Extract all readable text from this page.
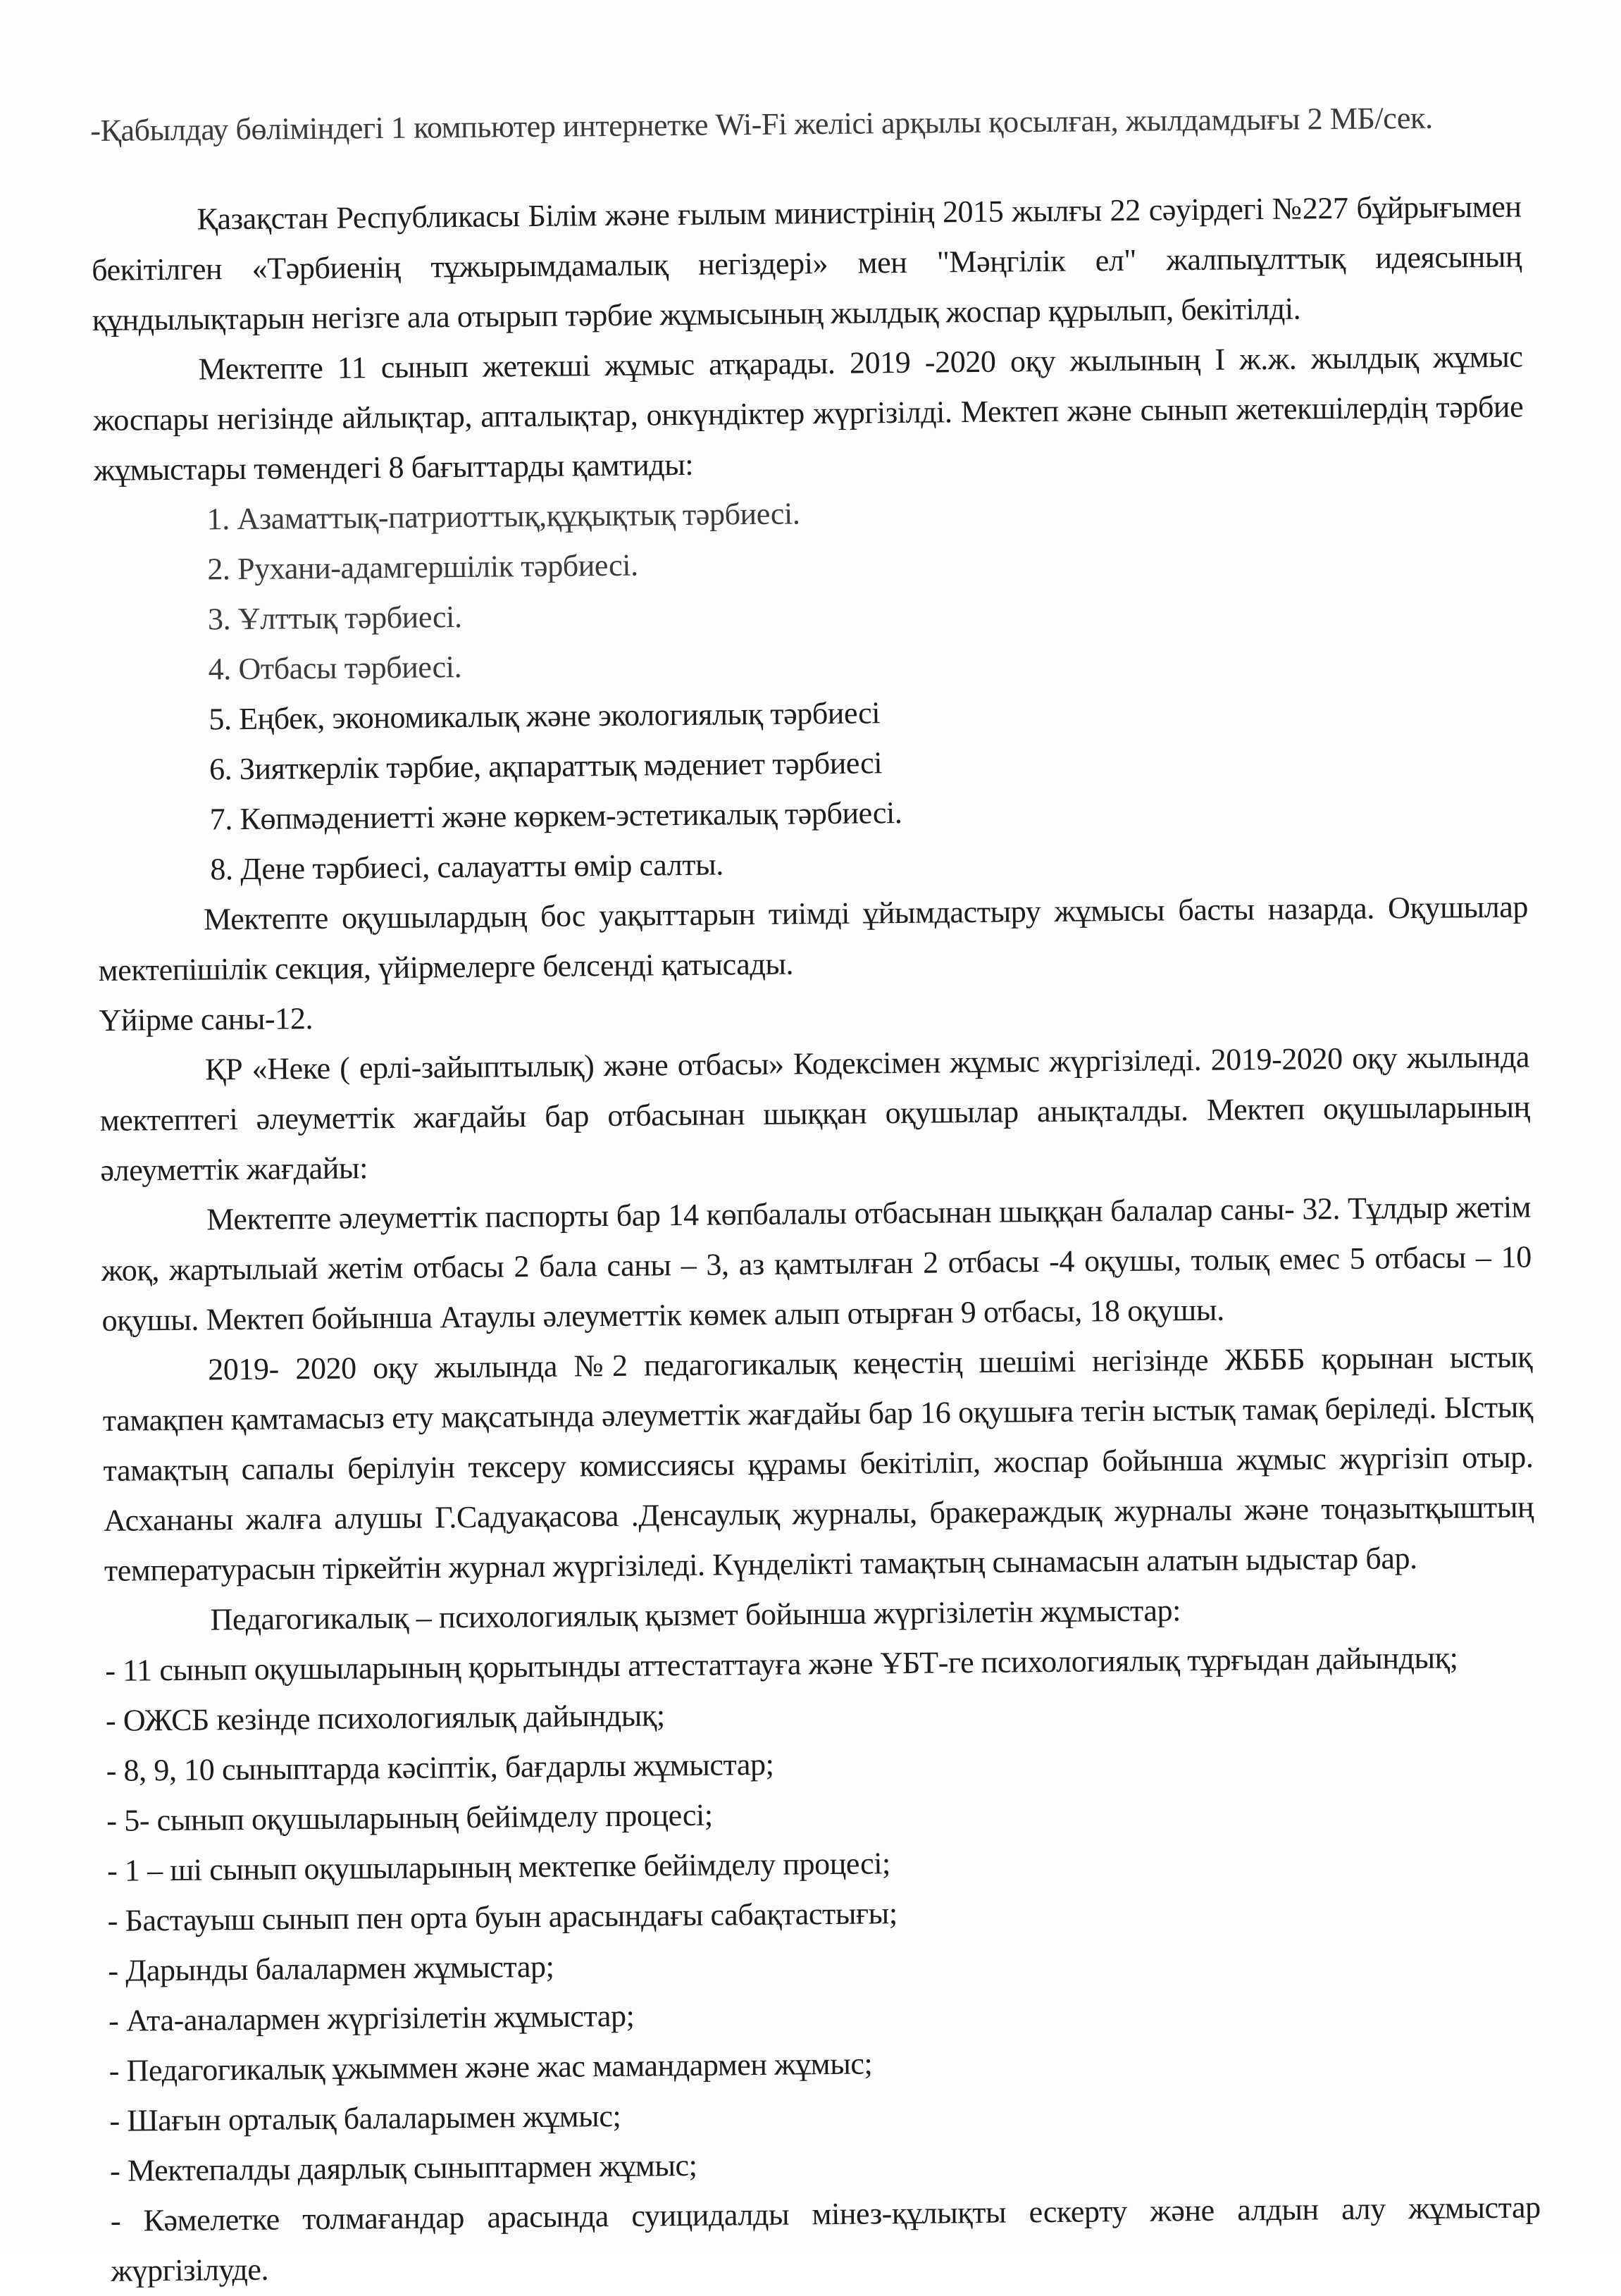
-Қабылдау бөліміндегі 1 компьютер интернетке Wi-Fi желісі арқылы қосылған, жылдамдығы 2 МБ/сек.

Қазақстан Республикасы Білім және ғылым министрінің 2015 жылғы 22 сәуірдегі №227 бұйрығымен бекітілген «Тәрбиенің тұжырымдамалық негіздері» мен "Мәңгілік ел" жалпыұлттық идеясының құндылықтарын негізге ала отырып тәрбие жұмысының жылдық жоспар құрылып, бекітілді.

Мектепте 11 сынып жетекші жұмыс атқарады. 2019 -2020 оқу жылының I ж.ж. жылдық жұмыс жоспары негізінде айлықтар, апталықтар, онкүндіктер жүргізілді. Мектеп және сынып жетекшілердің тәрбие жұмыстары төмендегі 8 бағыттарды қамтиды:

1. Азаматтық-патриоттық,құқықтық тәрбиесі.

2. Рухани-адамгершілік тәрбиесі.

3. Ұлттық тәрбиесі.

4. Отбасы тәрбиесі.

5. Еңбек, экономикалық және экологиялық тәрбиесі

6. Зияткерлік тәрбие, ақпараттық мәдениет тәрбиесі

7. Көпмәдениетті және көркем-эстетикалық тәрбиесі.

8. Дене тәрбиесі, салауатты өмір салты.

Мектепте оқушылардың бос уақыттарын тиімді ұйымдастыру жұмысы басты назарда. Оқушылар мектепішілік секция, үйірмелерге белсенді қатысады.

Үйірме саны-12.

ҚР «Неке ( ерлі-зайыптылық) және отбасы» Кодексімен жұмыс жүргізіледі. 2019-2020 оқу жылында мектептегі әлеуметтік жағдайы бар отбасынан шыққан оқушылар анықталды. Мектеп оқушыларының әлеуметтік жағдайы:

Мектепте әлеуметтік паспорты бар 14 көпбалалы отбасынан шыққан балалар саны- 32. Тұлдыр жетім жоқ, жартылыай жетім отбасы 2 бала саны – 3, аз қамтылған 2 отбасы -4 оқушы, толық емес 5 отбасы – 10 оқушы. Мектеп бойынша Атаулы әлеуметтік көмек алып отырған 9 отбасы, 18 оқушы.

2019- 2020 оқу жылында №2 педагогикалық кеңестің шешімі негізінде ЖБББ қорынан ыстық тамақпен қамтамасыз ету мақсатында әлеуметтік жағдайы бар 16 оқушыға тегін ыстық тамақ беріледі. Ыстық тамақтың сапалы берілуін тексеру комиссиясы құрамы бекітіліп, жоспар бойынша жұмыс жүргізіп отыр. Асхананы жалға алушы Г.Садуақасова .Денсаулық журналы, бракераждық журналы және тоңазытқыштың температурасын тіркейтін журнал жүргізіледі. Күнделікті тамақтың сынамасын алатын ыдыстар бар.

Педагогикалық – психологиялық қызмет бойынша жүргізілетін жұмыстар:

- 11 сынып оқушыларының қорытынды аттестаттауға және ҰБТ-ге психологиялық тұрғыдан дайындық;

- ОЖСБ кезінде психологиялық дайындық;

- 8, 9, 10 сыныптарда кәсіптік, бағдарлы жұмыстар;

- 5- сынып оқушыларының бейімделу процесі;

- 1 – ші сынып оқушыларының мектепке бейімделу процесі;

- Бастауыш сынып пен орта буын арасындағы сабақтастығы;

- Дарынды балалармен жұмыстар;

- Ата-аналармен жүргізілетін жұмыстар;

- Педагогикалық ұжыммен және жас мамандармен жұмыс;

- Шағын орталық балаларымен жұмыс;

- Мектепалды даярлық сыныптармен жұмыс;

- Кәмелетке толмағандар арасында суицидалды мінез-құлықты ескерту және алдын алу жұмыстар жүргізілуде.
